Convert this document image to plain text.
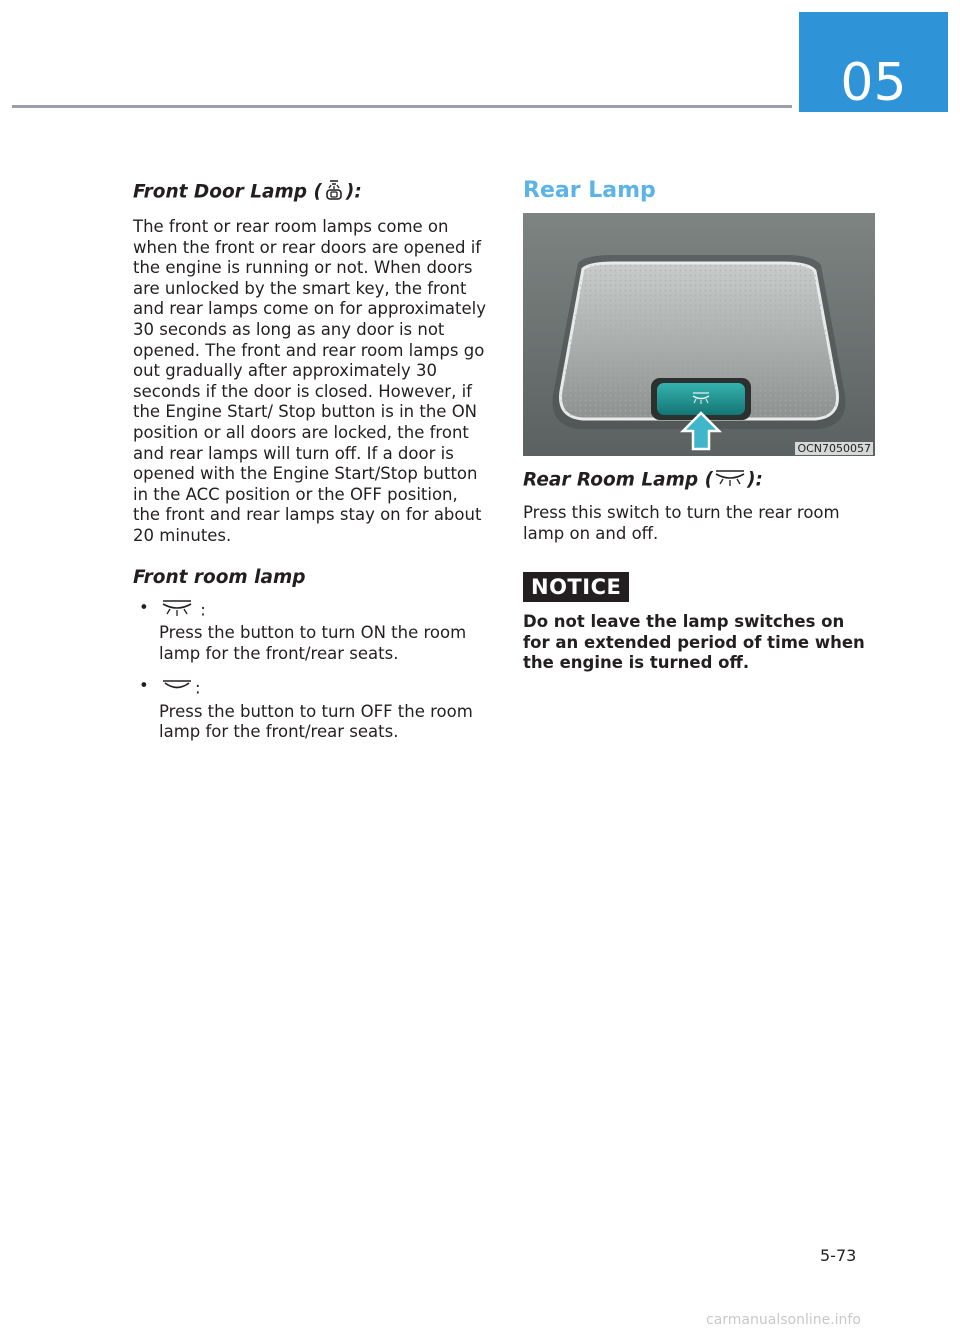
05
Front Door Lamp ( ):

The front or rear room lamps come on when the front or rear doors are opened if the engine is running or not. When doors are unlocked by the smart key, the front and rear lamps come on for approximately 30 seconds as long as any door is not opened. The front and rear room lamps go out gradually after approximately 30 seconds if the door is closed. However, if the Engine Start/ Stop button is in the ON position or all doors are locked, the front and rear lamps will turn off. If a door is opened with the Engine Start/Stop button in the ACC position or the OFF position, the front and rear lamps stay on for about 20 minutes.

Front room lamp
•	:
Press the button to turn ON the room lamp for the front/rear seats.
•	:
Press the button to turn OFF the room lamp for the front/rear seats.
Rear Lamp
OCN7050057
Rear Room Lamp ( ):

Press this switch to turn the rear room lamp on and off.

NOTICE
Do not leave the lamp switches on for an extended period of time when the engine is turned off.
5-73
carmanualsonline.info
